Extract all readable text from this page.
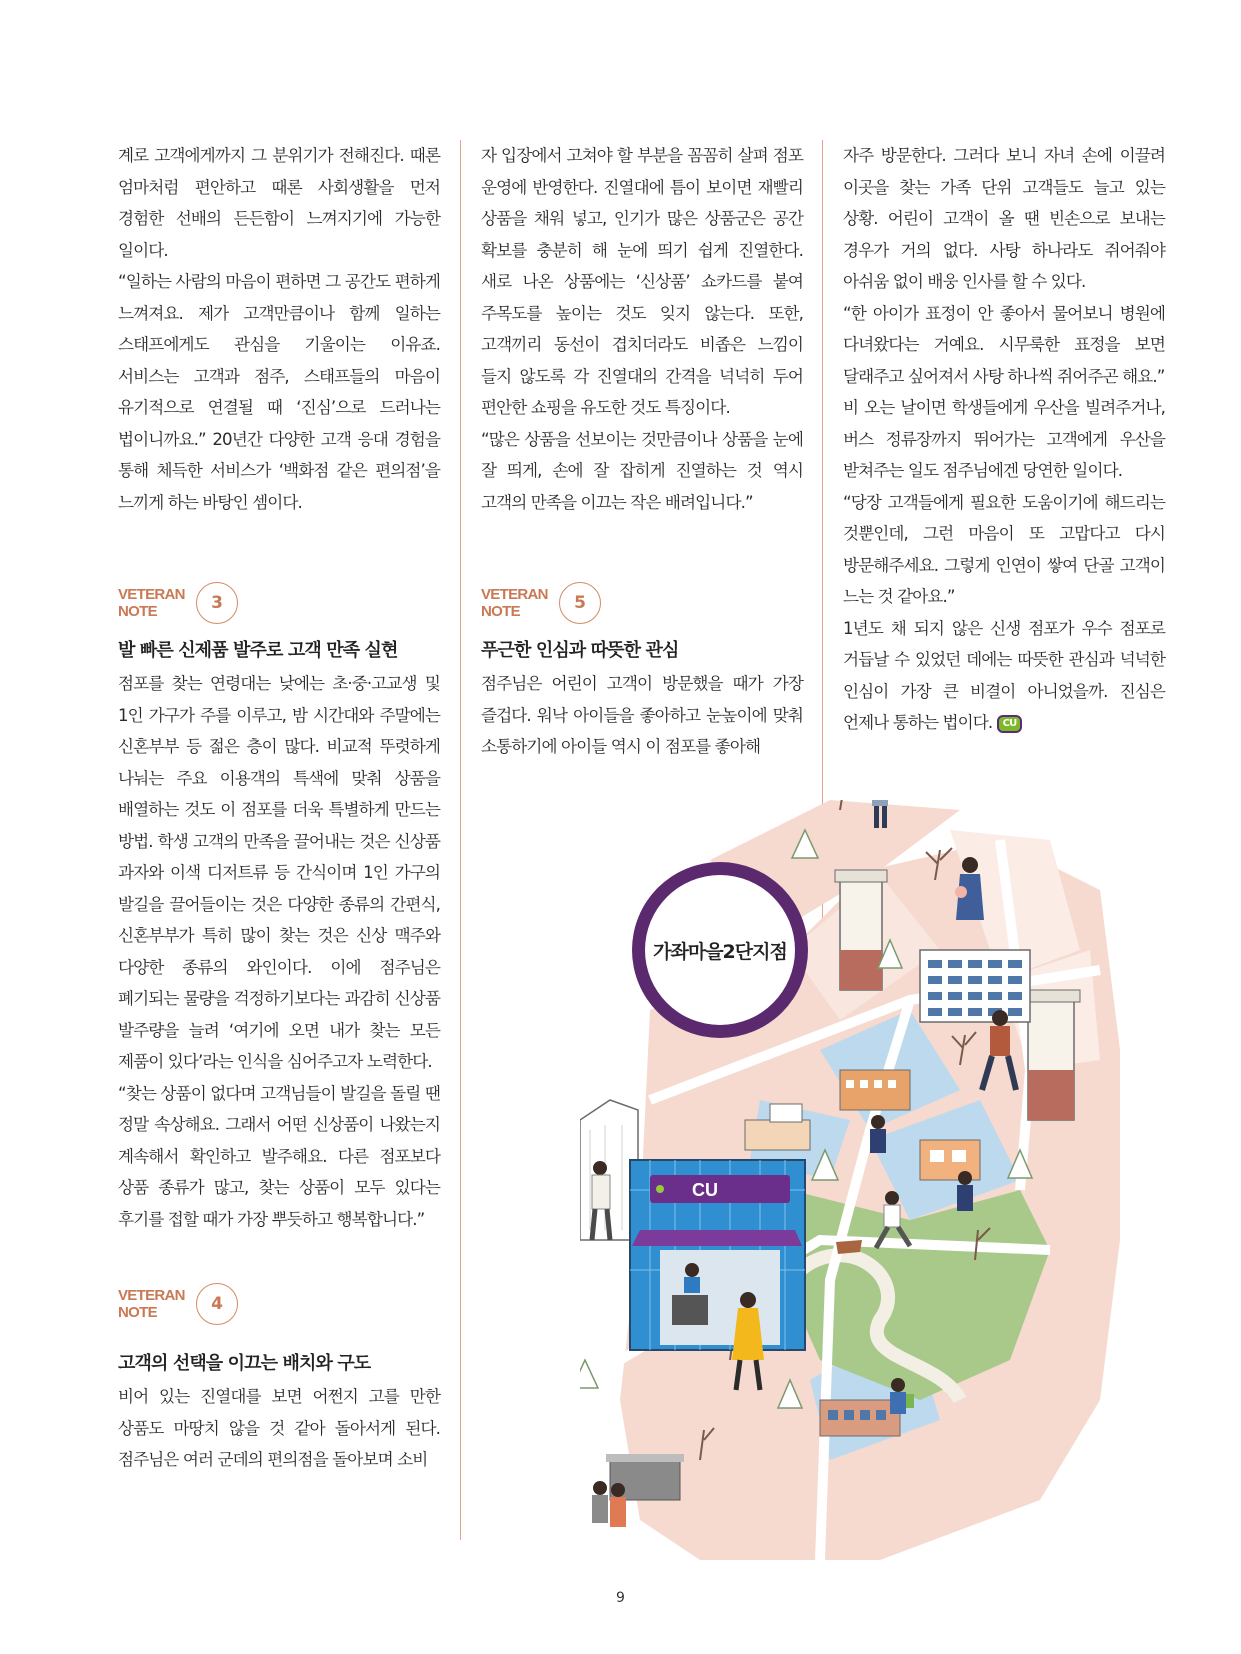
계로 고객에게까지 그 분위기가 전해진다. 때론 엄마처럼 편안하고 때론 사회생활을 먼저 경험한 선배의 든든함이 느껴지기에 가능한 일이다.

“일하는 사람의 마음이 편하면 그 공간도 편하게 느껴져요. 제가 고객만큼이나 함께 일하는 스태프에게도 관심을 기울이는 이유죠. 서비스는 고객과 점주, 스태프들의 마음이 유기적으로 연결될 때 ‘진심’으로 드러나는 법이니까요.” 20년간 다양한 고객 응대 경험을 통해 체득한 서비스가 ‘백화점 같은 편의점’을 느끼게 하는 바탕인 셈이다.

VETERAN
NOTE	3
발 빠른 신제품 발주로 고객 만족 실현

점포를 찾는 연령대는 낮에는 초·중·고교생 및 1인 가구가 주를 이루고, 밤 시간대와 주말에는 신혼부부 등 젊은 층이 많다. 비교적 뚜렷하게 나눠는 주요 이용객의 특색에 맞춰 상품을 배열하는 것도 이 점포를 더욱 특별하게 만드는 방법. 학생 고객의 만족을 끌어내는 것은 신상품 과자와 이색 디저트류 등 간식이며 1인 가구의 발길을 끌어들이는 것은 다양한 종류의 간편식, 신혼부부가 특히 많이 찾는 것은 신상 맥주와 다양한 종류의 와인이다. 이에 점주님은 폐기되는 물량을 걱정하기보다는 과감히 신상품 발주량을 늘려 ‘여기에 오면 내가 찾는 모든 제품이 있다’라는 인식을 심어주고자 노력한다.

“찾는 상품이 없다며 고객님들이 발길을 돌릴 땐 정말 속상해요. 그래서 어떤 신상품이 나왔는지 계속해서 확인하고 발주해요. 다른 점포보다 상품 종류가 많고, 찾는 상품이 모두 있다는 후기를 접할 때가 가장 뿌듯하고 행복합니다.”

VETERAN
NOTE	4
고객의 선택을 이끄는 배치와 구도

비어 있는 진열대를 보면 어쩐지 고를 만한 상품도 마땅치 않을 것 같아 돌아서게 된다. 점주님은 여러 군데의 편의점을 돌아보며 소비

자 입장에서 고쳐야 할 부분을 꼼꼼히 살펴 점포 운영에 반영한다. 진열대에 틈이 보이면 재빨리 상품을 채워 넣고, 인기가 많은 상품군은 공간 확보를 충분히 해 눈에 띄기 쉽게 진열한다. 새로 나온 상품에는 ‘신상품’ 쇼카드를 붙여 주목도를 높이는 것도 잊지 않는다. 또한, 고객끼리 동선이 겹치더라도 비좁은 느낌이 들지 않도록 각 진열대의 간격을 넉넉히 두어 편안한 쇼핑을 유도한 것도 특징이다.

“많은 상품을 선보이는 것만큼이나 상품을 눈에 잘 띄게, 손에 잘 잡히게 진열하는 것 역시 고객의 만족을 이끄는 작은 배려입니다.”

VETERAN
NOTE	5
푸근한 인심과 따뜻한 관심

점주님은 어린이 고객이 방문했을 때가 가장 즐겁다. 워낙 아이들을 좋아하고 눈높이에 맞춰 소통하기에 아이들 역시 이 점포를 좋아해

자주 방문한다. 그러다 보니 자녀 손에 이끌려 이곳을 찾는 가족 단위 고객들도 늘고 있는 상황. 어린이 고객이 올 땐 빈손으로 보내는 경우가 거의 없다. 사탕 하나라도 쥐어줘야 아쉬움 없이 배웅 인사를 할 수 있다.

“한 아이가 표정이 안 좋아서 물어보니 병원에 다녀왔다는 거예요. 시무룩한 표정을 보면 달래주고 싶어져서 사탕 하나씩 쥐어주곤 해요.”

비 오는 날이면 학생들에게 우산을 빌려주거나, 버스 정류장까지 뛰어가는 고객에게 우산을 받쳐주는 일도 점주님에겐 당연한 일이다.

“당장 고객들에게 필요한 도움이기에 해드리는 것뿐인데, 그런 마음이 또 고맙다고 다시 방문해주세요. 그렇게 인연이 쌓여 단골 고객이 느는 것 같아요.”

1년도 채 되지 않은 신생 점포가 우수 점포로 거듭날 수 있었던 데에는 따뜻한 관심과 넉넉한 인심이 가장 큰 비결이 아니었을까. 진심은 언제나 통하는 법이다. CU

CU
가좌마을2단지점
9
